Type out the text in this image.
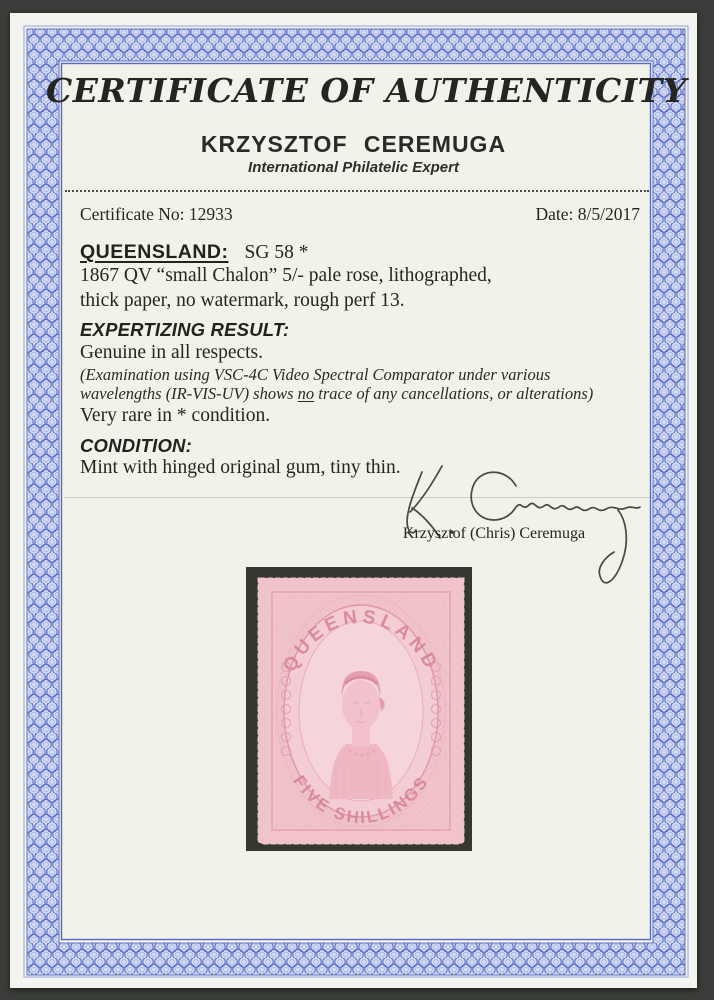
CERTIFICATE OF AUTHENTICITY
KRZYSZTOF CEREMUGA
International Philatelic Expert
Certificate No: 12933	Date: 8/5/2017
QUEENSLAND: SG 58 *
1867 QV “small Chalon” 5/- pale rose, lithographed,
thick paper, no watermark, rough perf 13.
EXPERTIZING RESULT:
Genuine in all respects.
(Examination using VSC-4C Video Spectral Comparator under various
wavelengths (IR-VIS-UV) shows no trace of any cancellations, or alterations)
Very rare in * condition.
CONDITION:
Mint with hinged original gum, tiny thin.
Krzysztof (Chris) Ceremuga
